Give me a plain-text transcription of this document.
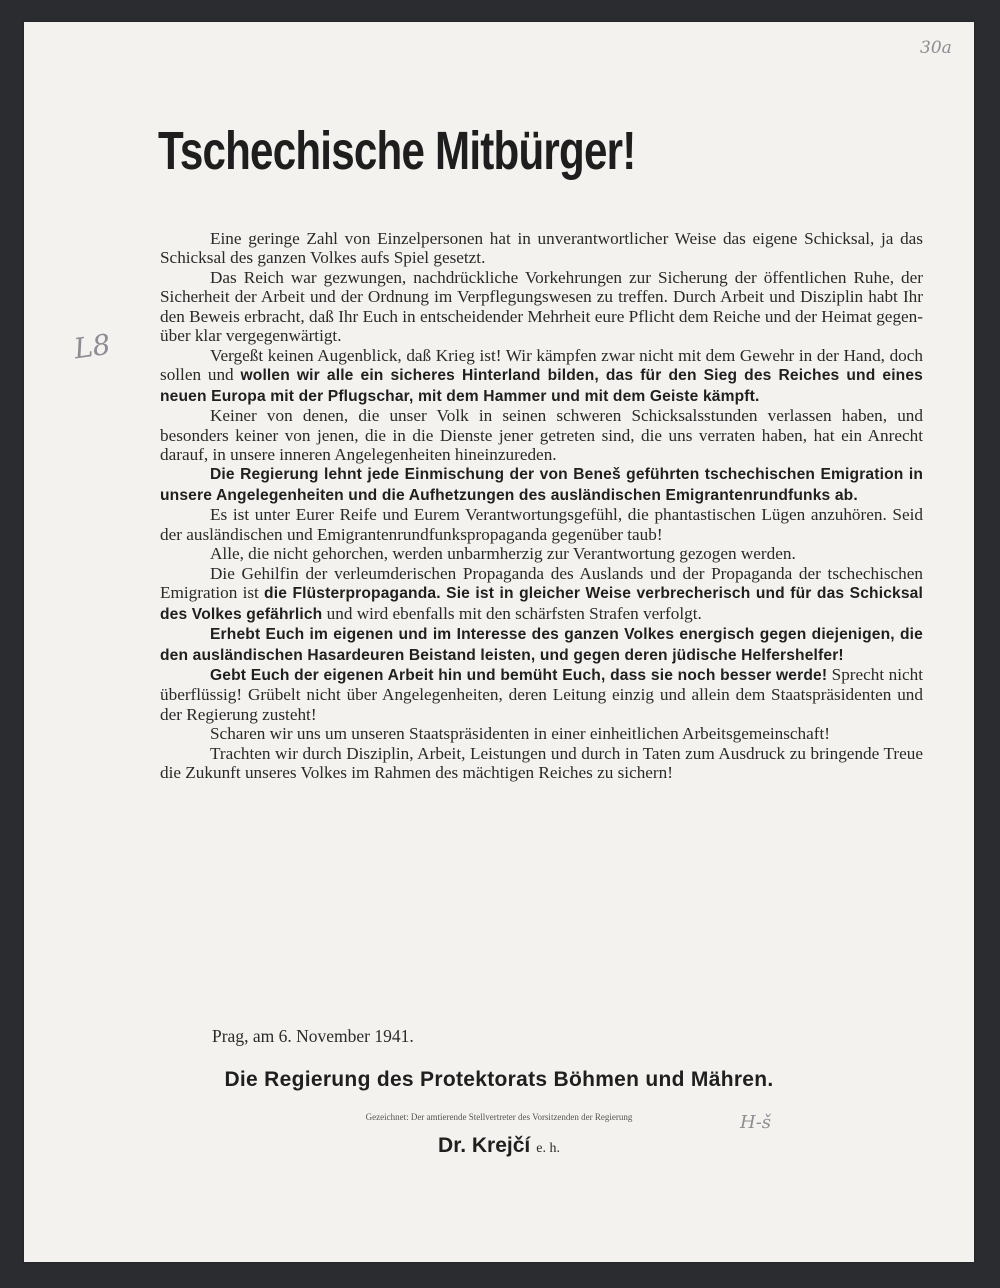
30a
L8
H-š
Tschechische Mitbürger!

Eine geringe Zahl von Einzelpersonen hat in unverantwortlicher Weise das eigene Schicksal, ja das Schicksal des ganzen Volkes aufs Spiel gesetzt.

Das Reich war gezwungen, nachdrückliche Vorkehrungen zur Sicherung der öffentlichen Ruhe, der Sicherheit der Arbeit und der Ordnung im Verpflegungswesen zu treffen. Durch Arbeit und Disziplin habt Ihr den Beweis erbracht, daß Ihr Euch in entscheidender Mehrheit eure Pflicht dem Reiche und der Heimat gegenüber klar vergegenwärtigt.

Vergeßt keinen Augenblick, daß Krieg ist! Wir kämpfen zwar nicht mit dem Gewehr in der Hand, doch sollen und wollen wir alle ein sicheres Hinterland bilden, das für den Sieg des Reiches und eines neuen Europa mit der Pflugschar, mit dem Hammer und mit dem Geiste kämpft.

Keiner von denen, die unser Volk in seinen schweren Schicksalsstunden verlassen haben, und besonders keiner von jenen, die in die Dienste jener getreten sind, die uns verraten haben, hat ein Anrecht darauf, in unsere inneren Angelegenheiten hineinzureden.

Die Regierung lehnt jede Einmischung der von Beneš geführten tschechischen Emigration in unsere Angelegenheiten und die Aufhetzungen des ausländischen Emigrantenrundfunks ab.

Es ist unter Eurer Reife und Eurem Verantwortungsgefühl, die phantastischen Lügen anzuhören. Seid der ausländischen und Emigrantenrundfunkspropaganda gegenüber taub!

Alle, die nicht gehorchen, werden unbarmherzig zur Verantwortung gezogen werden.

Die Gehilfin der verleumderischen Propaganda des Auslands und der Propaganda der tschechischen Emigration ist die Flüsterpropaganda. Sie ist in gleicher Weise verbrecherisch und für das Schicksal des Volkes gefährlich und wird ebenfalls mit den schärfsten Strafen verfolgt.

Erhebt Euch im eigenen und im Interesse des ganzen Volkes energisch gegen diejenigen, die den ausländischen Hasardeuren Beistand leisten, und gegen deren jüdische Helfershelfer!

Gebt Euch der eigenen Arbeit hin und bemüht Euch, dass sie noch besser werde! Sprecht nicht überflüssig! Grübelt nicht über Angelegenheiten, deren Leitung einzig und allein dem Staatspräsidenten und der Regierung zusteht!

Scharen wir uns um unseren Staatspräsidenten in einer einheitlichen Arbeitsgemeinschaft!

Trachten wir durch Disziplin, Arbeit, Leistungen und durch in Taten zum Ausdruck zu bringende Treue die Zukunft unseres Volkes im Rahmen des mächtigen Reiches zu sichern!

Prag, am 6. November 1941.
Die Regierung des Protektorats Böhmen und Mähren.
Gezeichnet: Der amtierende Stellvertreter des Vorsitzenden der Regierung
Dr. Krejčí e. h.
